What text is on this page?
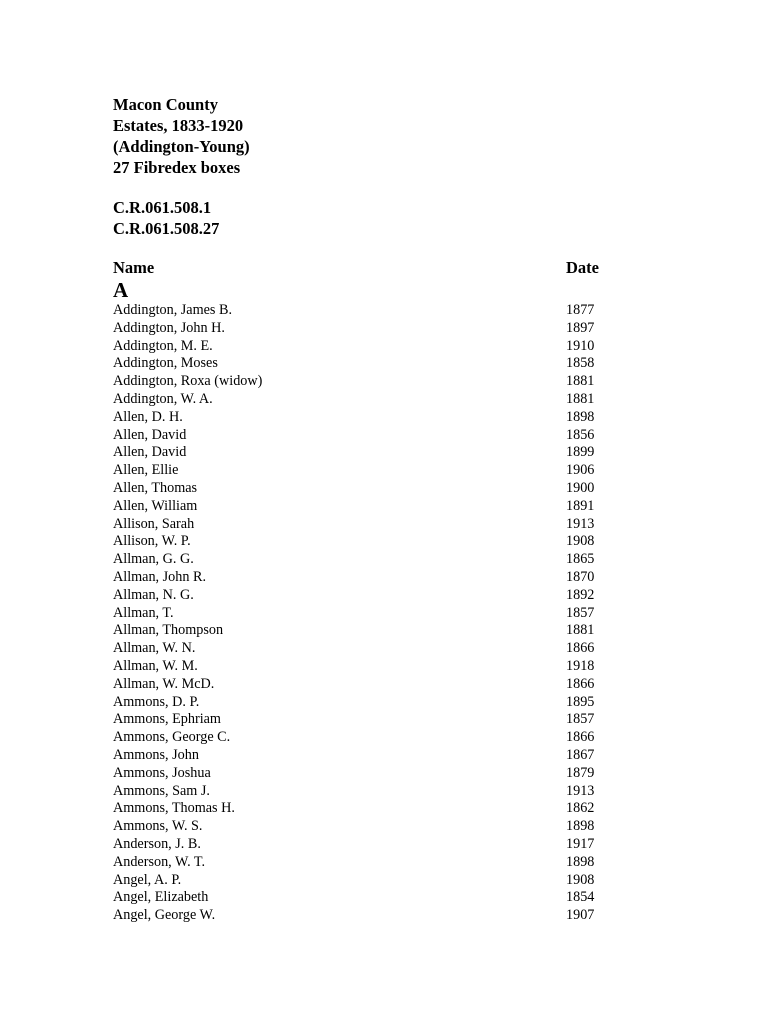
Macon County
Estates, 1833-1920
(Addington-Young)
27 Fibredex boxes
C.R.061.508.1
C.R.061.508.27
Name	Date
A
Addington, James B.	1877
Addington, John H.	1897
Addington, M. E.	1910
Addington, Moses	1858
Addington, Roxa (widow)	1881
Addington, W. A.	1881
Allen, D. H.	1898
Allen, David	1856
Allen, David	1899
Allen, Ellie	1906
Allen, Thomas	1900
Allen, William	1891
Allison, Sarah	1913
Allison, W. P.	1908
Allman, G. G.	1865
Allman, John R.	1870
Allman, N. G.	1892
Allman, T.	1857
Allman, Thompson	1881
Allman, W. N.	1866
Allman, W. M.	1918
Allman, W. McD.	1866
Ammons, D. P.	1895
Ammons, Ephriam	1857
Ammons, George C.	1866
Ammons, John	1867
Ammons, Joshua	1879
Ammons, Sam J.	1913
Ammons, Thomas H.	1862
Ammons, W. S.	1898
Anderson, J. B.	1917
Anderson, W. T.	1898
Angel, A. P.	1908
Angel, Elizabeth	1854
Angel, George W.	1907
